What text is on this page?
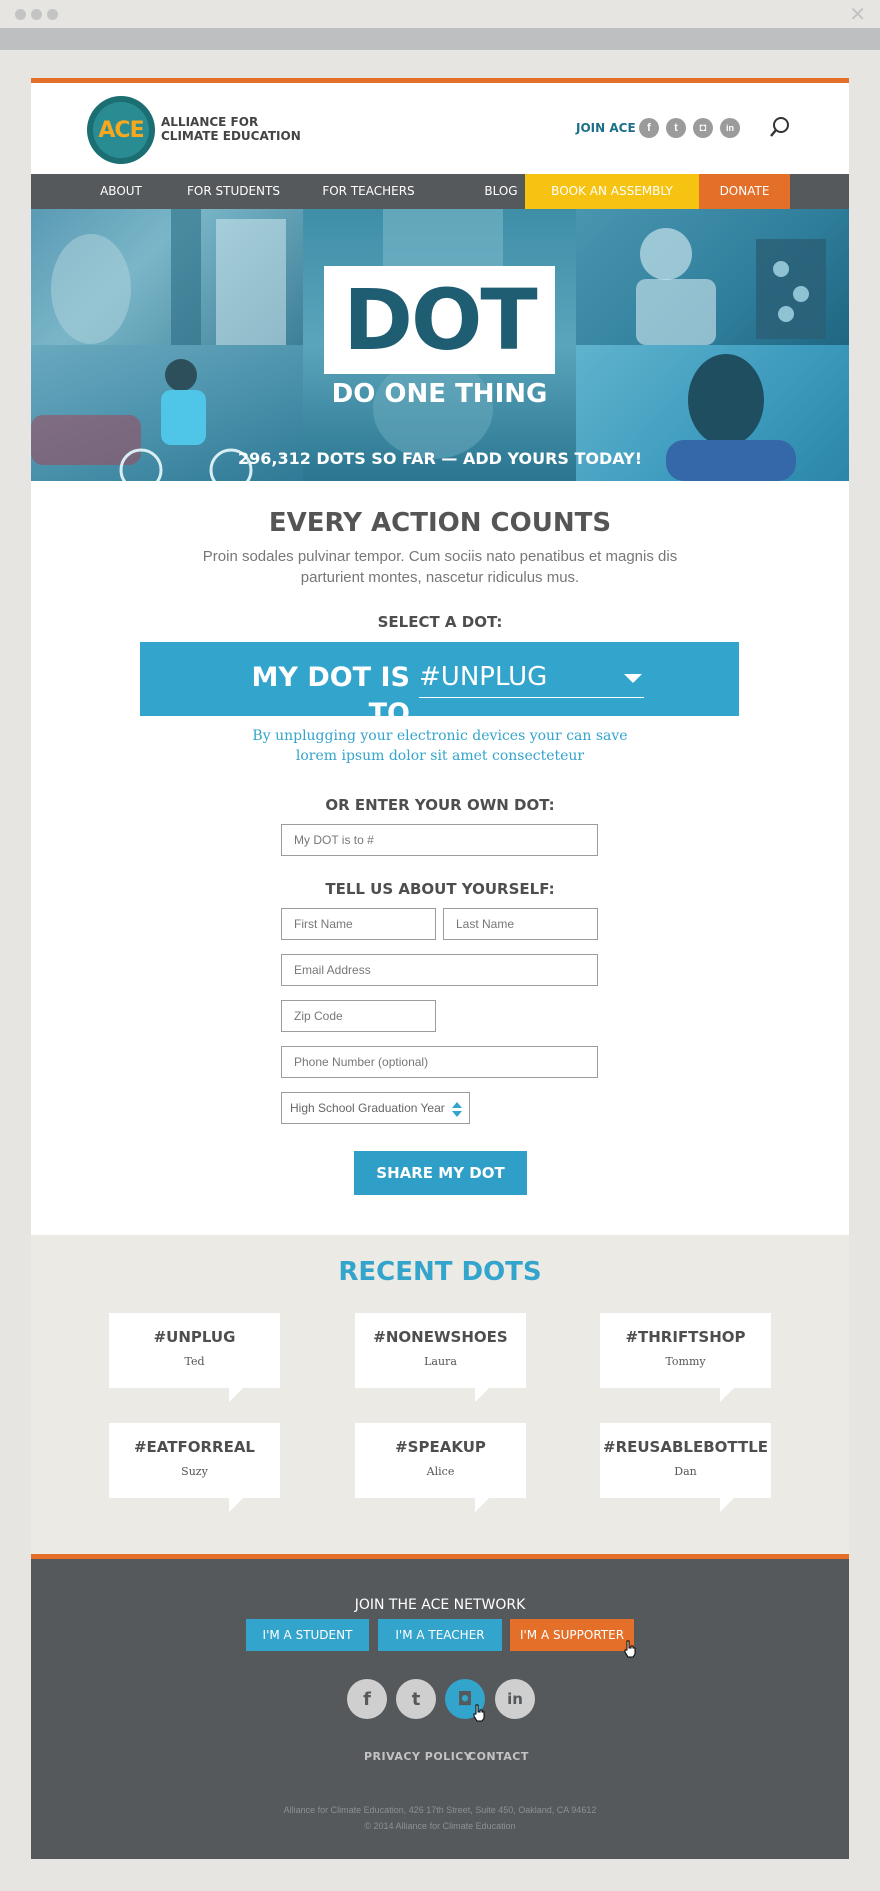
✕
ACE	ALLIANCE FOR
CLIMATE EDUCATION
JOIN ACE	f	t	◘	in
ABOUT	FOR STUDENTS	FOR TEACHERS	BLOG	BOOK AN ASSEMBLY	DONATE
DOT
DO ONE THING
296,312 DOTS SO FAR — ADD YOURS TODAY!
EVERY ACTION COUNTS
Proin sodales pulvinar tempor. Cum sociis nato penatibus et magnis dis parturient montes, nascetur ridiculus mus.
SELECT A DOT:
MY DOT IS TO
#UNPLUG
By unplugging your electronic devices your can save lorem ipsum dolor sit amet consecteteur
OR ENTER YOUR OWN DOT:
My DOT is to #
TELL US ABOUT YOURSELF:
First Name
Last Name
Email Address
Zip Code
Phone Number (optional)
High School Graduation Year
SHARE MY DOT
RECENT DOTS
#UNPLUG
Ted
#NONEWSHOES
Laura
#THRIFTSHOP
Tommy
#EATFORREAL
Suzy
#SPEAKUP
Alice
#REUSABLEBOTTLE
Dan
JOIN THE ACE NETWORK
I'M A STUDENT	I'M A TEACHER	I'M A SUPPORTER
f	t	◘	in
PRIVACY POLICY
CONTACT
Alliance for Climate Education, 426 17th Street, Suite 450, Oakland, CA 94612
© 2014 Alliance for Climate Education
